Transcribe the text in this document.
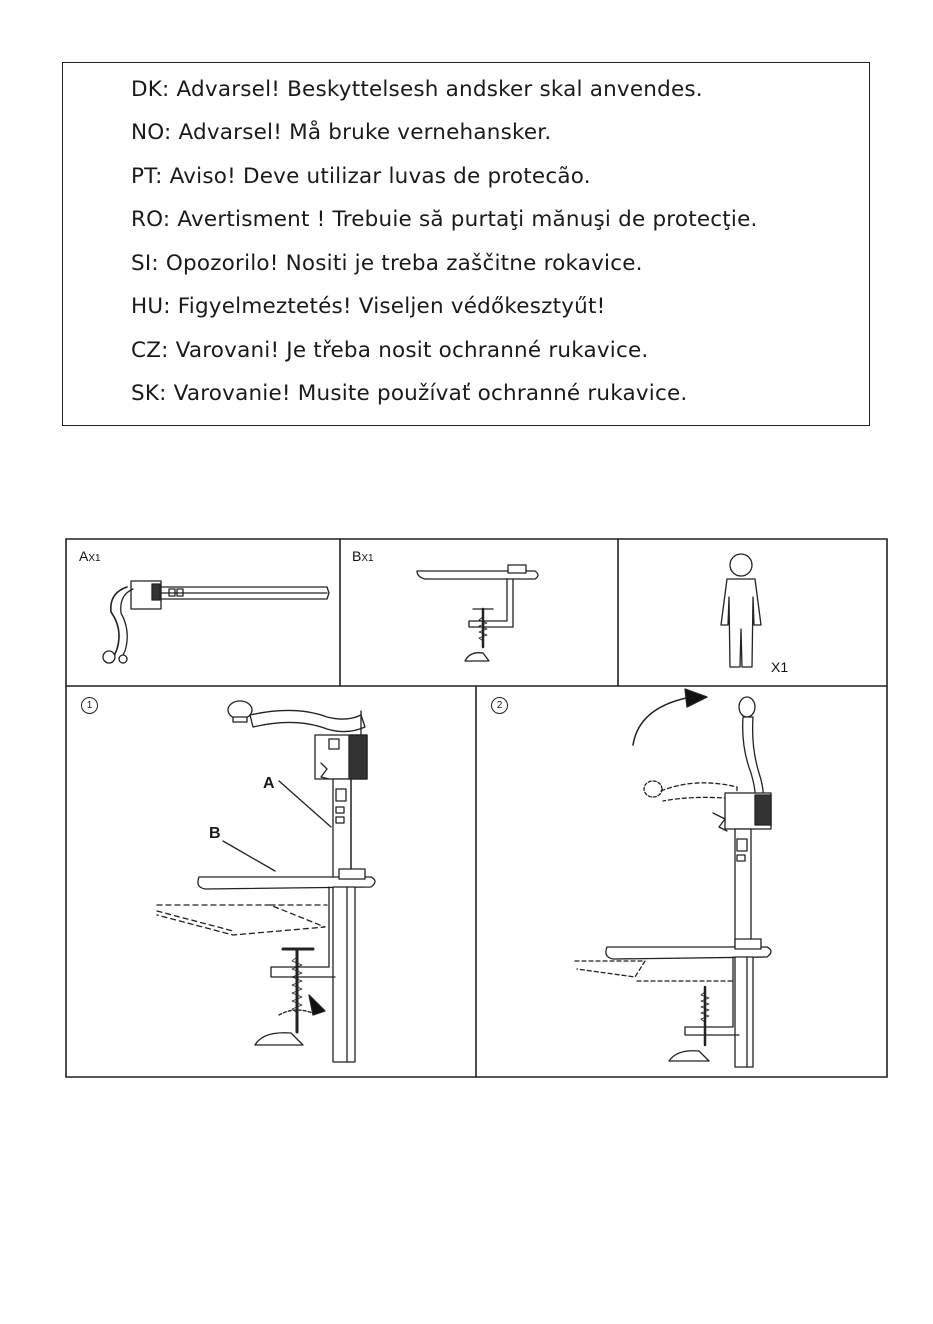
DK: Advarsel! Beskyttelsesh andsker skal anvendes.
NO: Advarsel! Må bruke vernehansker.
PT: Aviso! Deve utilizar luvas de protecão.
RO: Avertisment ! Trebuie să purtaţi mănuşi de protecţie.
SI: Opozorilo! Nositi je treba zaščitne rokavice.
HU: Figyelmeztetés! Viseljen védőkesztyűt!
CZ: Varovani! Je třeba nosit ochranné rukavice.
SK: Varovanie! Musite používať ochranné rukavice.
AX1	BX1
X1
1	2
A
B
